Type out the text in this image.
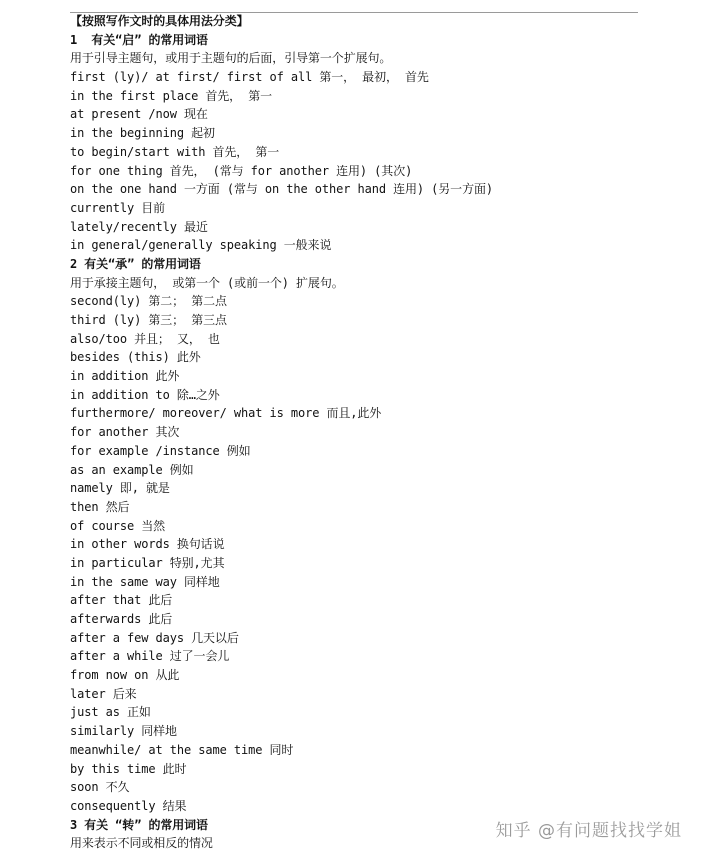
【按照写作文时的具体用法分类】
1  有关“启” 的常用词语
用于引导主题句，或用于主题句的后面，引导第一个扩展句。
first (ly)/ at first/ first of all 第一， 最初， 首先
in the first place 首先， 第一
at present /now 现在
in the beginning 起初
to begin/start with 首先， 第一
for one thing 首先， (常与 for another 连用) (其次)
on the one hand 一方面 (常与 on the other hand 连用) (另一方面)
currently 目前
lately/recently 最近
in general/generally speaking 一般来说
2 有关“承” 的常用词语
用于承接主题句， 或第一个 (或前一个) 扩展句。
second(ly) 第二； 第二点
third (ly) 第三； 第三点
also/too 并且； 又， 也
besides (this) 此外
in addition 此外
in addition to 除…之外
furthermore/ moreover/ what is more 而且,此外
for another 其次
for example /instance 例如
as an example 例如
namely 即, 就是
then 然后
of course 当然
in other words 换句话说
in particular 特别,尤其
in the same way 同样地
after that 此后
afterwards 此后
after a few days 几天以后
after a while 过了一会儿
from now on 从此
later 后来
just as 正如
similarly 同样地
meanwhile/ at the same time 同时
by this time 此时
soon 不久
consequently 结果
3 有关 “转” 的常用词语
用来表示不同或相反的情况
知乎 @有问题找找学姐
